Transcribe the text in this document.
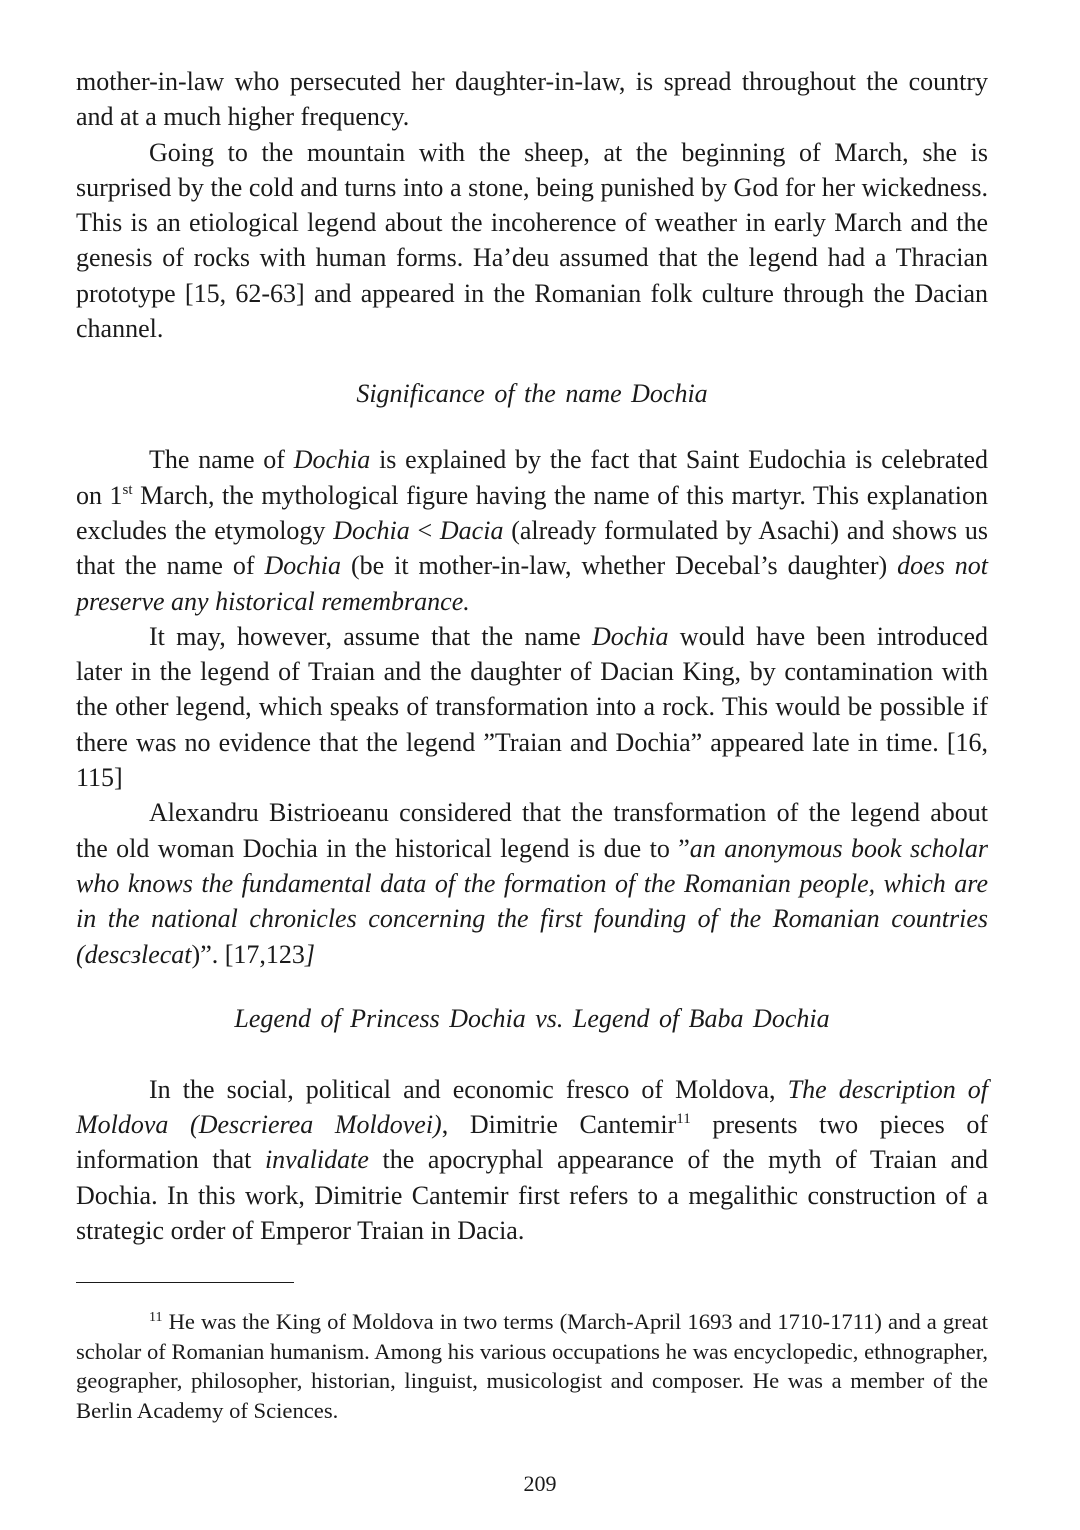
mother-in-law who persecuted her daughter-in-law, is spread throughout the country and at a much higher frequency.

Going to the mountain with the sheep, at the beginning of March, she is surprised by the cold and turns into a stone, being punished by God for her wickedness. This is an etiological legend about the incoherence of weather in early March and the genesis of rocks with human forms. Ha’deu assumed that the legend had a Thracian prototype [15, 62-63] and appeared in the Romanian folk culture through the Dacian channel.

Significance of the name Dochia

The name of Dochia is explained by the fact that Saint Eudochia is celebrated on 1st March, the mythological figure having the name of this martyr. This explanation excludes the etymology Dochia < Dacia (already formulated by Asachi) and shows us that the name of Dochia (be it mother-in-law, whether Decebal’s daughter) does not preserve any historical remembrance.

It may, however, assume that the name Dochia would have been introduced later in the legend of Traian and the daughter of Dacian King, by contamination with the other legend, which speaks of transformation into a rock. This would be possible if there was no evidence that the legend ”Traian and Dochia” appeared late in time. [16, 115]

Alexandru Bistrioeanu considered that the transformation of the legend about the old woman Dochia in the historical legend is due to ”an anonymous book scholar who knows the fundamental data of the formation of the Romanian people, which are in the national chronicles concerning the first founding of the Romanian countries (descзlecat)”. [17,123]

Legend of Princess Dochia vs. Legend of Baba Dochia

In the social, political and economic fresco of Moldova, The description of Moldova (Descrierea Moldovei), Dimitrie Cantemir$^{11}$ presents two pieces of information that invalidate the apocryphal appearance of the myth of Traian and Dochia. In this work, Dimitrie Cantemir first refers to a megalithic construction of a strategic order of Emperor Traian in Dacia.

$^{11}$ He was the King of Moldova in two terms (March-April 1693 and 1710-1711) and a great scholar of Romanian humanism. Among his various occupations he was encyclopedic, ethnographer, geographer, philosopher, historian, linguist, musicologist and composer. He was a member of the Berlin Academy of Sciences.

209
